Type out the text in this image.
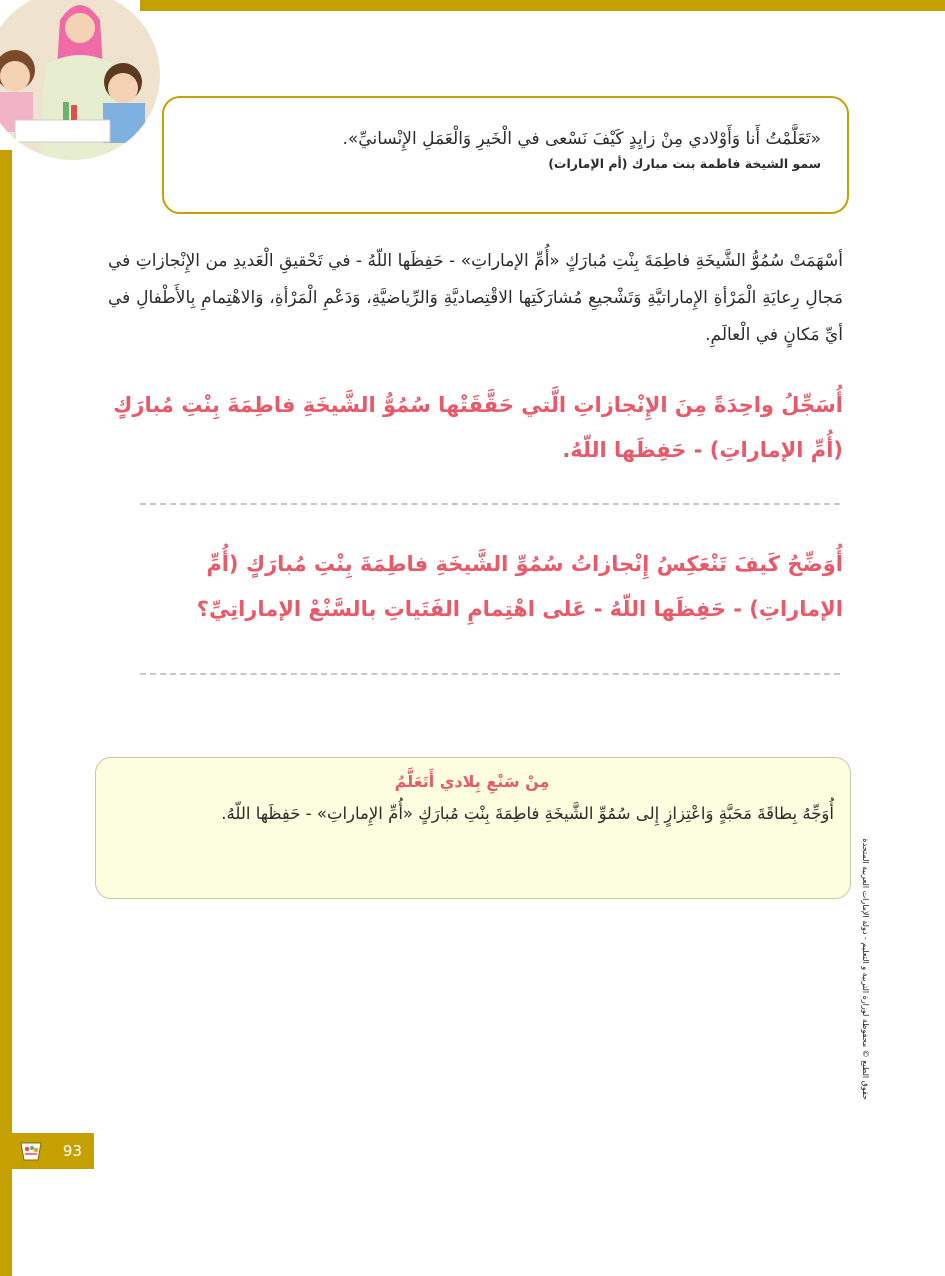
«تَعَلَّمْتُ أَنا وَأَوْلادي مِنْ زايِدٍ كَيْفَ نَسْعى في الْخَيرِ وَالْعَمَلِ الإِنْسانيِّ».
سمو الشيخة فاطمة بنت مبارك (أم الإمارات)
أسْهَمَتْ سُمُوُّ الشَّيخَةِ فاطِمَةَ بِنْتِ مُبارَكٍ «أُمِّ الإماراتِ» - حَفِظَها اللّهُ - في تَحْقيقِ الْعَديدِ من الإِنْجازاتِ في مَجالِ رِعايَةِ الْمَرْأةِ الإِماراتيَّةِ وَتَشْجيعِ مُشارَكَتِها الاقْتِصاديَّةِ وَالرِّياضيَّةِ، وَدَعْمِ الْمَرْأةِ، وَالاهْتِمامِ بِالأَطْفالِ في أيِّ مَكانٍ في الْعالَمِ.
أُسَجِّلُ واحِدَةً مِنَ الإِنْجازاتِ الَّتي حَقَّقَتْها سُمُوُّ الشَّيخَةِ فاطِمَةَ بِنْتِ مُبارَكٍ (أُمِّ الإماراتِ) - حَفِظَها اللّهُ.
أُوَضِّحُ كَيفَ تَنْعَكِسُ إِنْجازاتُ سُمُوِّ الشَّيخَةِ فاطِمَةَ بِنْتِ مُبارَكٍ (أُمِّ الإماراتِ) - حَفِظَها اللّهُ - عَلى اهْتِمامِ الفَتَياتِ بالسَّنْعْ الإماراتِيِّ؟
مِنْ سَنْعِ بِلادي أَتَعَلَّمُ
أُوَجِّهُ بِطاقَةَ مَحَبَّةٍ وَاعْتِزازٍ إِلى سُمُوِّ الشَّيخَةِ فاطِمَةَ بِنْتِ مُبارَكٍ «أُمِّ الإِماراتِ» - حَفِظَها اللّهُ.
حقوق الطبع © محفوظة لوزارة التربية و التعليم - دولة الإمارات العربية المتحدة
93
